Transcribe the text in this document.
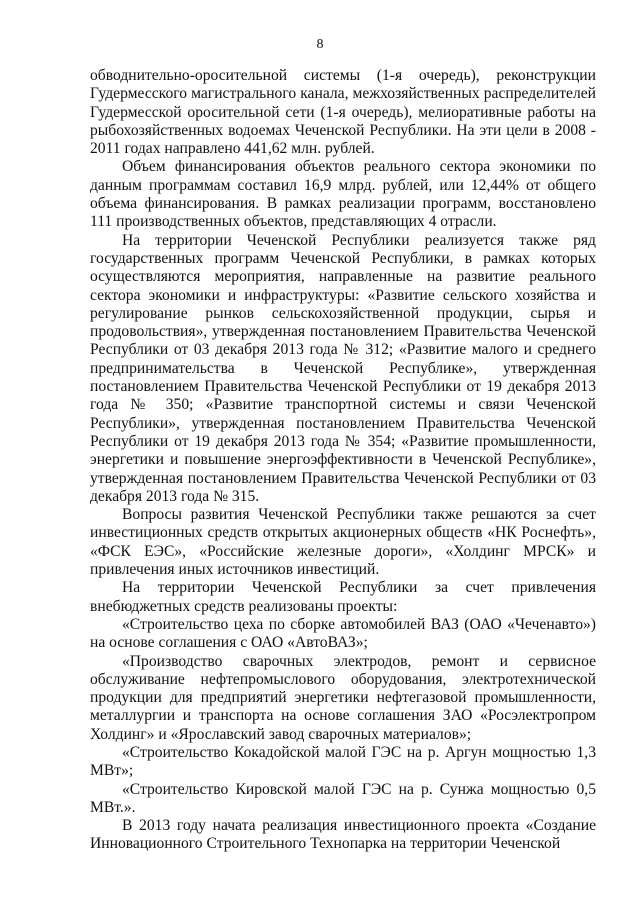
8

обводнительно-оросительной системы (1-я очередь), реконструкции Гудермесского магистрального канала, межхозяйственных распределителей Гудермесской оросительной сети (1-я очередь), мелиоративные работы на рыбохозяйственных водоемах Чеченской Республики. На эти цели в 2008 - 2011 годах направлено 441,62 млн. рублей.

Объем финансирования объектов реального сектора экономики по данным программам составил 16,9 млрд. рублей, или 12,44% от общего объема финансирования. В рамках реализации программ, восстановлено 111 производственных объектов, представляющих 4 отрасли.

На территории Чеченской Республики реализуется также ряд государственных программ Чеченской Республики, в рамках которых осуществляются мероприятия, направленные на развитие реального сектора экономики и инфраструктуры: «Развитие сельского хозяйства и регулирование рынков сельскохозяйственной продукции, сырья и продовольствия», утвержденная постановлением Правительства Чеченской Республики от 03 декабря 2013 года № 312; «Развитие малого и среднего предпринимательства в Чеченской Республике», утвержденная постановлением Правительства Чеченской Республики от 19 декабря 2013 года № 350; «Развитие транспортной системы и связи Чеченской Республики», утвержденная постановлением Правительства Чеченской Республики от 19 декабря 2013 года № 354; «Развитие промышленности, энергетики и повышение энергоэффективности в Чеченской Республике», утвержденная постановлением Правительства Чеченской Республики от 03 декабря 2013 года № 315.

Вопросы развития Чеченской Республики также решаются за счет инвестиционных средств открытых акционерных обществ «НК Роснефть», «ФСК ЕЭС», «Российские железные дороги», «Холдинг МРСК» и привлечения иных источников инвестиций.

На территории Чеченской Республики за счет привлечения внебюджетных средств реализованы проекты:

«Строительство цеха по сборке автомобилей ВАЗ (ОАО «Чеченавто») на основе соглашения с ОАО «АвтоВАЗ»;

«Производство сварочных электродов, ремонт и сервисное обслуживание нефтепромыслового оборудования, электротехнической продукции для предприятий энергетики нефтегазовой промышленности, металлургии и транспорта на основе соглашения ЗАО «Росэлектропром Холдинг» и «Ярославский завод сварочных материалов»;

«Строительство Кокадойской малой ГЭС на р. Аргун мощностью 1,3 МВт»;

«Строительство Кировской малой ГЭС на р. Сунжа мощностью 0,5 МВт.».

В 2013 году начата реализация инвестиционного проекта «Создание Инновационного Строительного Технопарка на территории Чеченской
